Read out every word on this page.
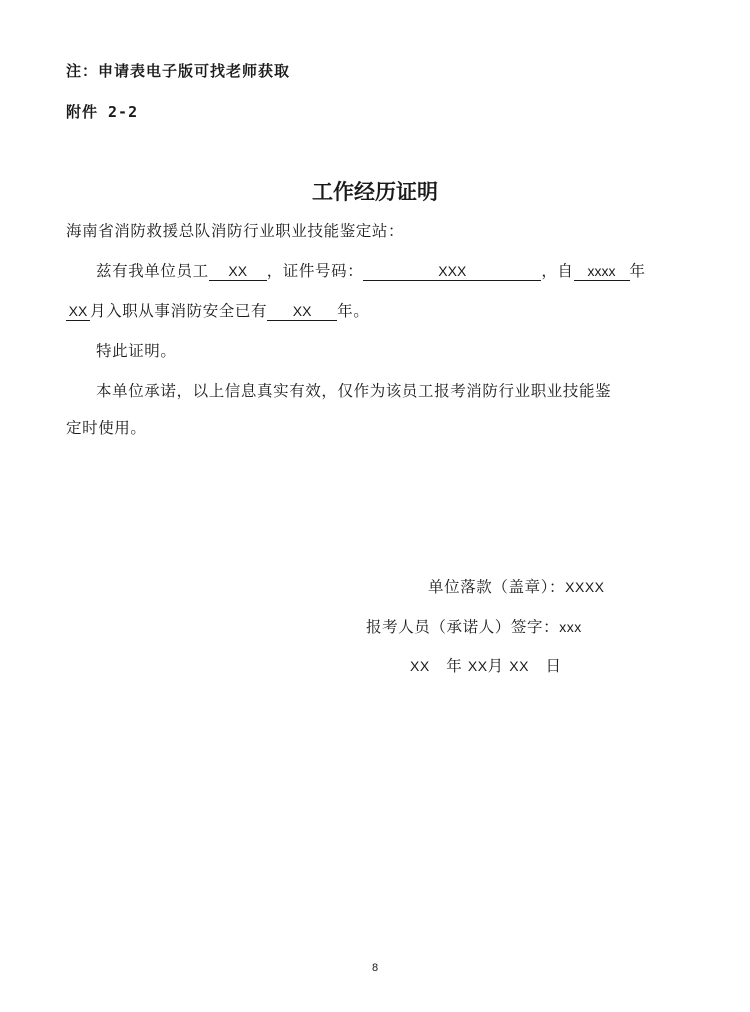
注：申请表电子版可找老师获取
附件 2-2
工作经历证明
海南省消防救援总队消防行业职业技能鉴定站：
兹有我单位员工 XX ，证件号码：	XXX	，自 xxxx 年
XX 月入职从事消防安全已有 XX 年。
特此证明。
本单位承诺，以上信息真实有效，仅作为该员工报考消防行业职业技能鉴
定时使用。
单位落款（盖章）：XXXX
报考人员（承诺人）签字：xxx
XX 年 XX月 XX 日
8
